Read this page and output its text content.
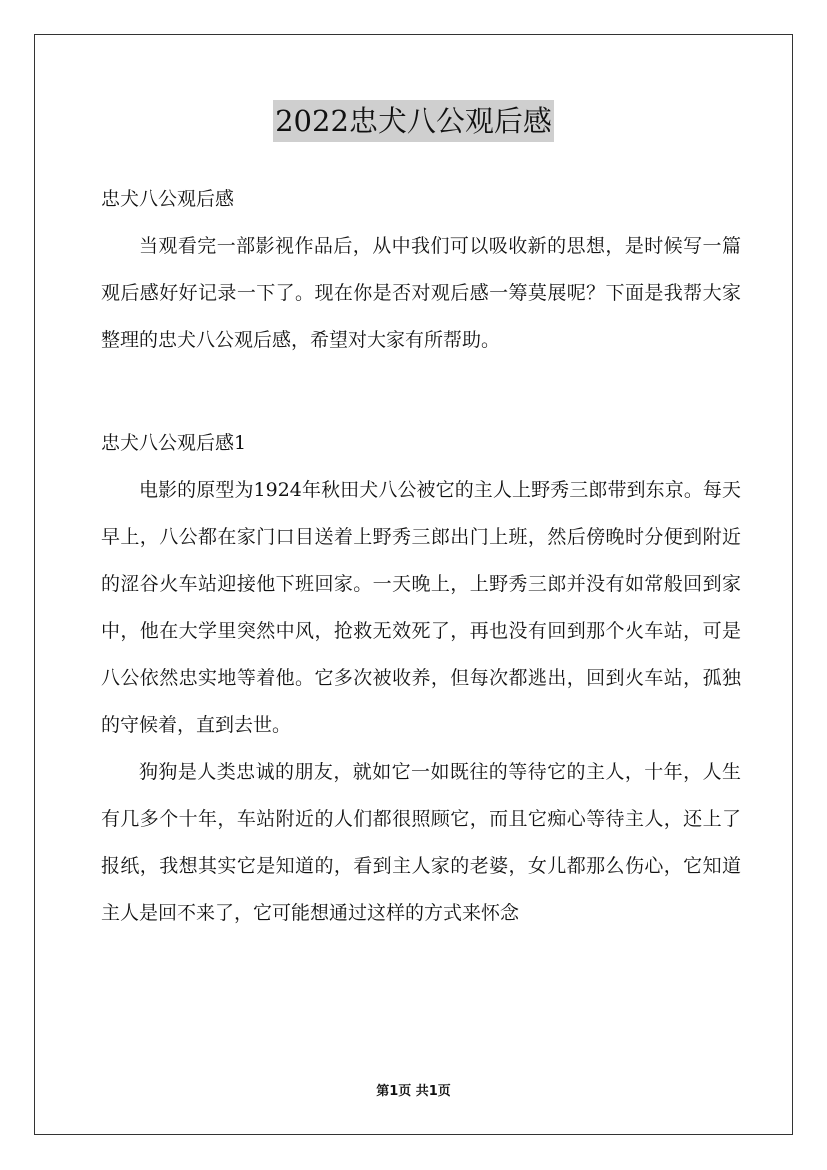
2022忠犬八公观后感

忠犬八公观后感

当观看完一部影视作品后，从中我们可以吸收新的思想，是时候写一篇观后感好好记录一下了。现在你是否对观后感一筹莫展呢？下面是我帮大家整理的忠犬八公观后感，希望对大家有所帮助。

忠犬八公观后感1

电影的原型为1924年秋田犬八公被它的主人上野秀三郎带到东京。每天早上，八公都在家门口目送着上野秀三郎出门上班，然后傍晚时分便到附近的涩谷火车站迎接他下班回家。一天晚上，上野秀三郎并没有如常般回到家中，他在大学里突然中风，抢救无效死了，再也没有回到那个火车站，可是八公依然忠实地等着他。它多次被收养，但每次都逃出，回到火车站，孤独的守候着，直到去世。

狗狗是人类忠诚的朋友，就如它一如既往的等待它的主人，十年，人生有几多个十年，车站附近的人们都很照顾它，而且它痴心等待主人，还上了报纸，我想其实它是知道的，看到主人家的老婆，女儿都那么伤心，它知道主人是回不来了，它可能想通过这样的方式来怀念

第1页 共1页
